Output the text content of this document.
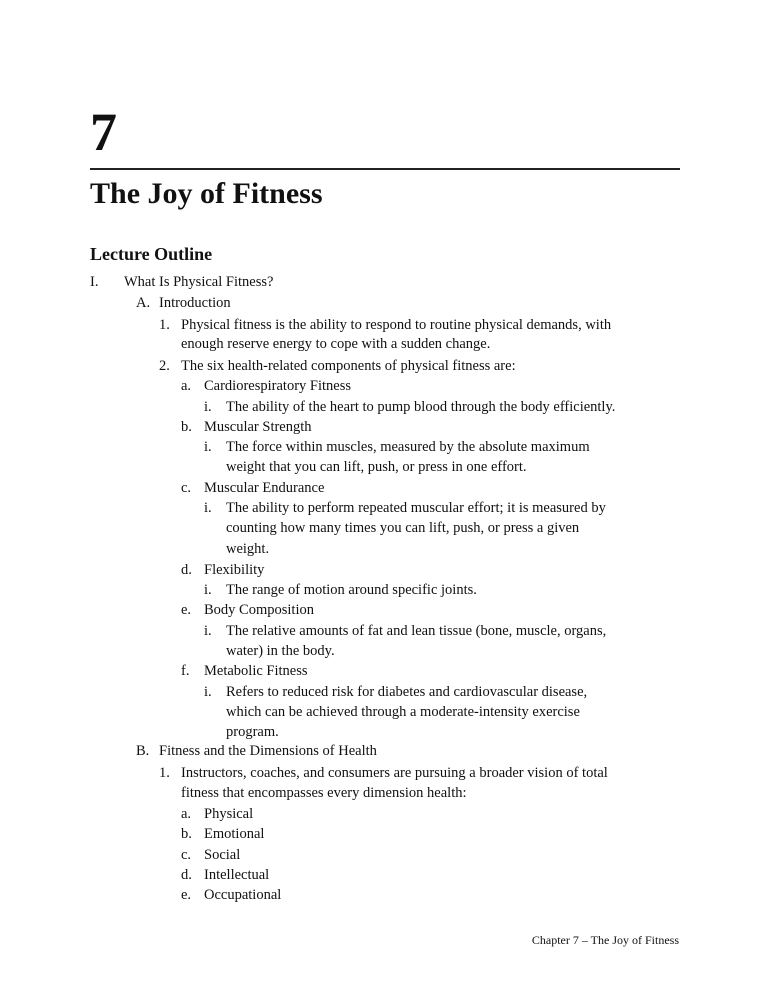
7
The Joy of Fitness
Lecture Outline
I. What Is Physical Fitness?
A. Introduction
1. Physical fitness is the ability to respond to routine physical demands, with
enough reserve energy to cope with a sudden change.
2. The six health-related components of physical fitness are:
a. Cardiorespiratory Fitness
i. The ability of the heart to pump blood through the body efficiently.
b. Muscular Strength
i. The force within muscles, measured by the absolute maximum
weight that you can lift, push, or press in one effort.
c. Muscular Endurance
i. The ability to perform repeated muscular effort; it is measured by
counting how many times you can lift, push, or press a given
weight.
d. Flexibility
i. The range of motion around specific joints.
e. Body Composition
i. The relative amounts of fat and lean tissue (bone, muscle, organs,
water) in the body.
f. Metabolic Fitness
i. Refers to reduced risk for diabetes and cardiovascular disease,
which can be achieved through a moderate-intensity exercise
program.
B. Fitness and the Dimensions of Health
1. Instructors, coaches, and consumers are pursuing a broader vision of total
fitness that encompasses every dimension health:
a. Physical
b. Emotional
c. Social
d. Intellectual
e. Occupational
Chapter 7 – The Joy of Fitness
